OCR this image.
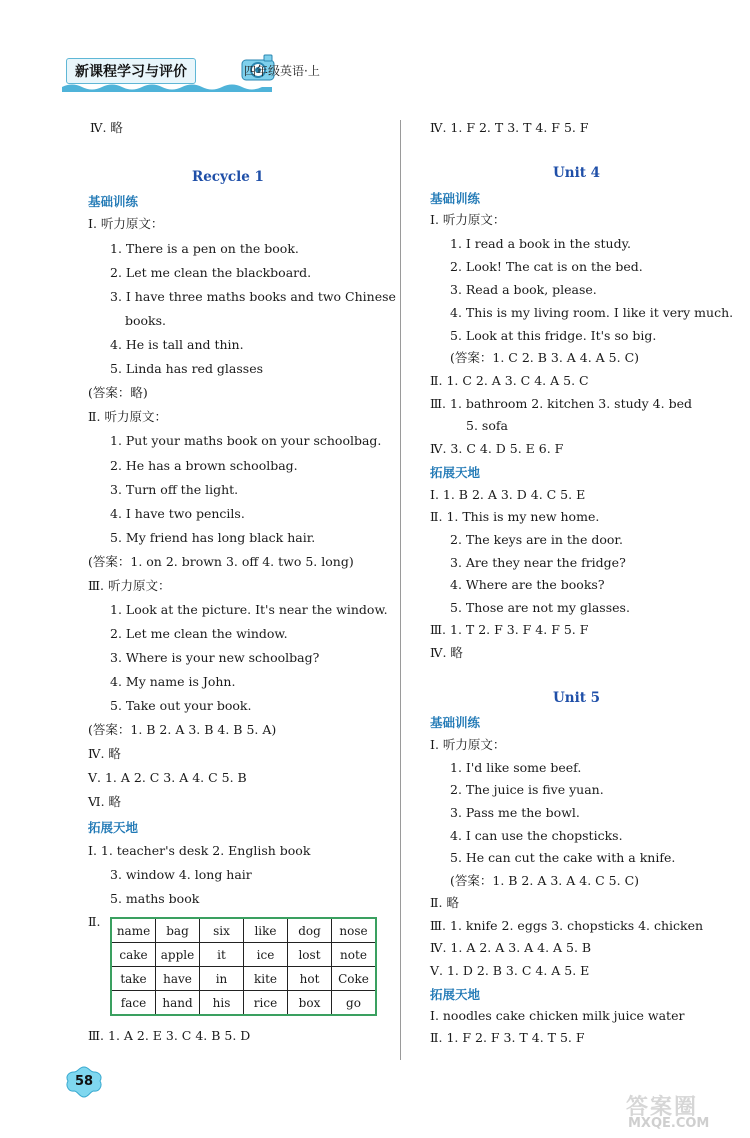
新课程学习与评价	四年级英语·上
Ⅳ. 略
Recycle 1
基础训练
Ⅰ. 听力原文：
1. There is a pen on the book.
2. Let me clean the blackboard.
3. I have three maths books and two Chinese
books.
4. He is tall and thin.
5. Linda has red glasses
(答案：略)
Ⅱ. 听力原文：
1. Put your maths book on your schoolbag.
2. He has a brown schoolbag.
3. Turn off the light.
4. I have two pencils.
5. My friend has long black hair.
(答案：1. on 2. brown 3. off 4. two 5. long)
Ⅲ. 听力原文：
1. Look at the picture. It's near the window.
2. Let me clean the window.
3. Where is your new schoolbag?
4. My name is John.
5. Take out your book.
(答案：1. B 2. A 3. B 4. B 5. A)
Ⅳ. 略
Ⅴ. 1. A 2. C 3. A 4. C 5. B
Ⅵ. 略
拓展天地
Ⅰ. 1. teacher's desk 2. English book
3. window 4. long hair
5. maths book
Ⅱ.
name	bag	six	like	dog	nose
cake	apple	it	ice	lost	note
take	have	in	kite	hot	Coke
face	hand	his	rice	box	go
Ⅲ. 1. A 2. E 3. C 4. B 5. D
Ⅳ. 1. F 2. T 3. T 4. F 5. F
Unit 4
基础训练
Ⅰ. 听力原文：
1. I read a book in the study.
2. Look! The cat is on the bed.
3. Read a book, please.
4. This is my living room. I like it very much.
5. Look at this fridge. It's so big.
(答案：1. C 2. B 3. A 4. A 5. C)
Ⅱ. 1. C 2. A 3. C 4. A 5. C
Ⅲ. 1. bathroom 2. kitchen 3. study 4. bed
5. sofa
Ⅳ. 3. C 4. D 5. E 6. F
拓展天地
Ⅰ. 1. B 2. A 3. D 4. C 5. E
Ⅱ. 1. This is my new home.
2. The keys are in the door.
3. Are they near the fridge?
4. Where are the books?
5. Those are not my glasses.
Ⅲ. 1. T 2. F 3. F 4. F 5. F
Ⅳ. 略
Unit 5
基础训练
Ⅰ. 听力原文：
1. I'd like some beef.
2. The juice is five yuan.
3. Pass me the bowl.
4. I can use the chopsticks.
5. He can cut the cake with a knife.
(答案：1. B 2. A 3. A 4. C 5. C)
Ⅱ. 略
Ⅲ. 1. knife 2. eggs 3. chopsticks 4. chicken
Ⅳ. 1. A 2. A 3. A 4. A 5. B
Ⅴ. 1. D 2. B 3. C 4. A 5. E
拓展天地
Ⅰ. noodles cake chicken milk juice water
Ⅱ. 1. F 2. F 3. T 4. T 5. F
58
答案圈
MXQE.COM
